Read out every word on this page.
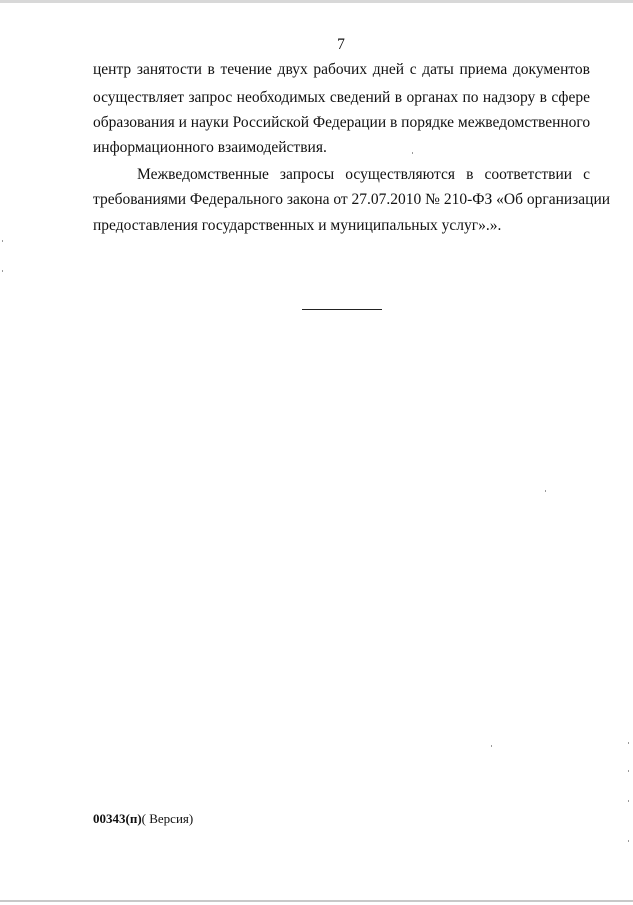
7
центр занятости в течение двух рабочих дней с даты приема документов
осуществляет запрос необходимых сведений в органах по надзору в сфере
образования и науки Российской Федерации в порядке межведомственного
информационного взаимодействия.
Межведомственные запросы осуществляются в соответствии с
требованиями Федерального закона от 27.07.2010 № 210-ФЗ «Об организации
предоставления государственных и муниципальных услуг».».
00343(п)( Версия)
